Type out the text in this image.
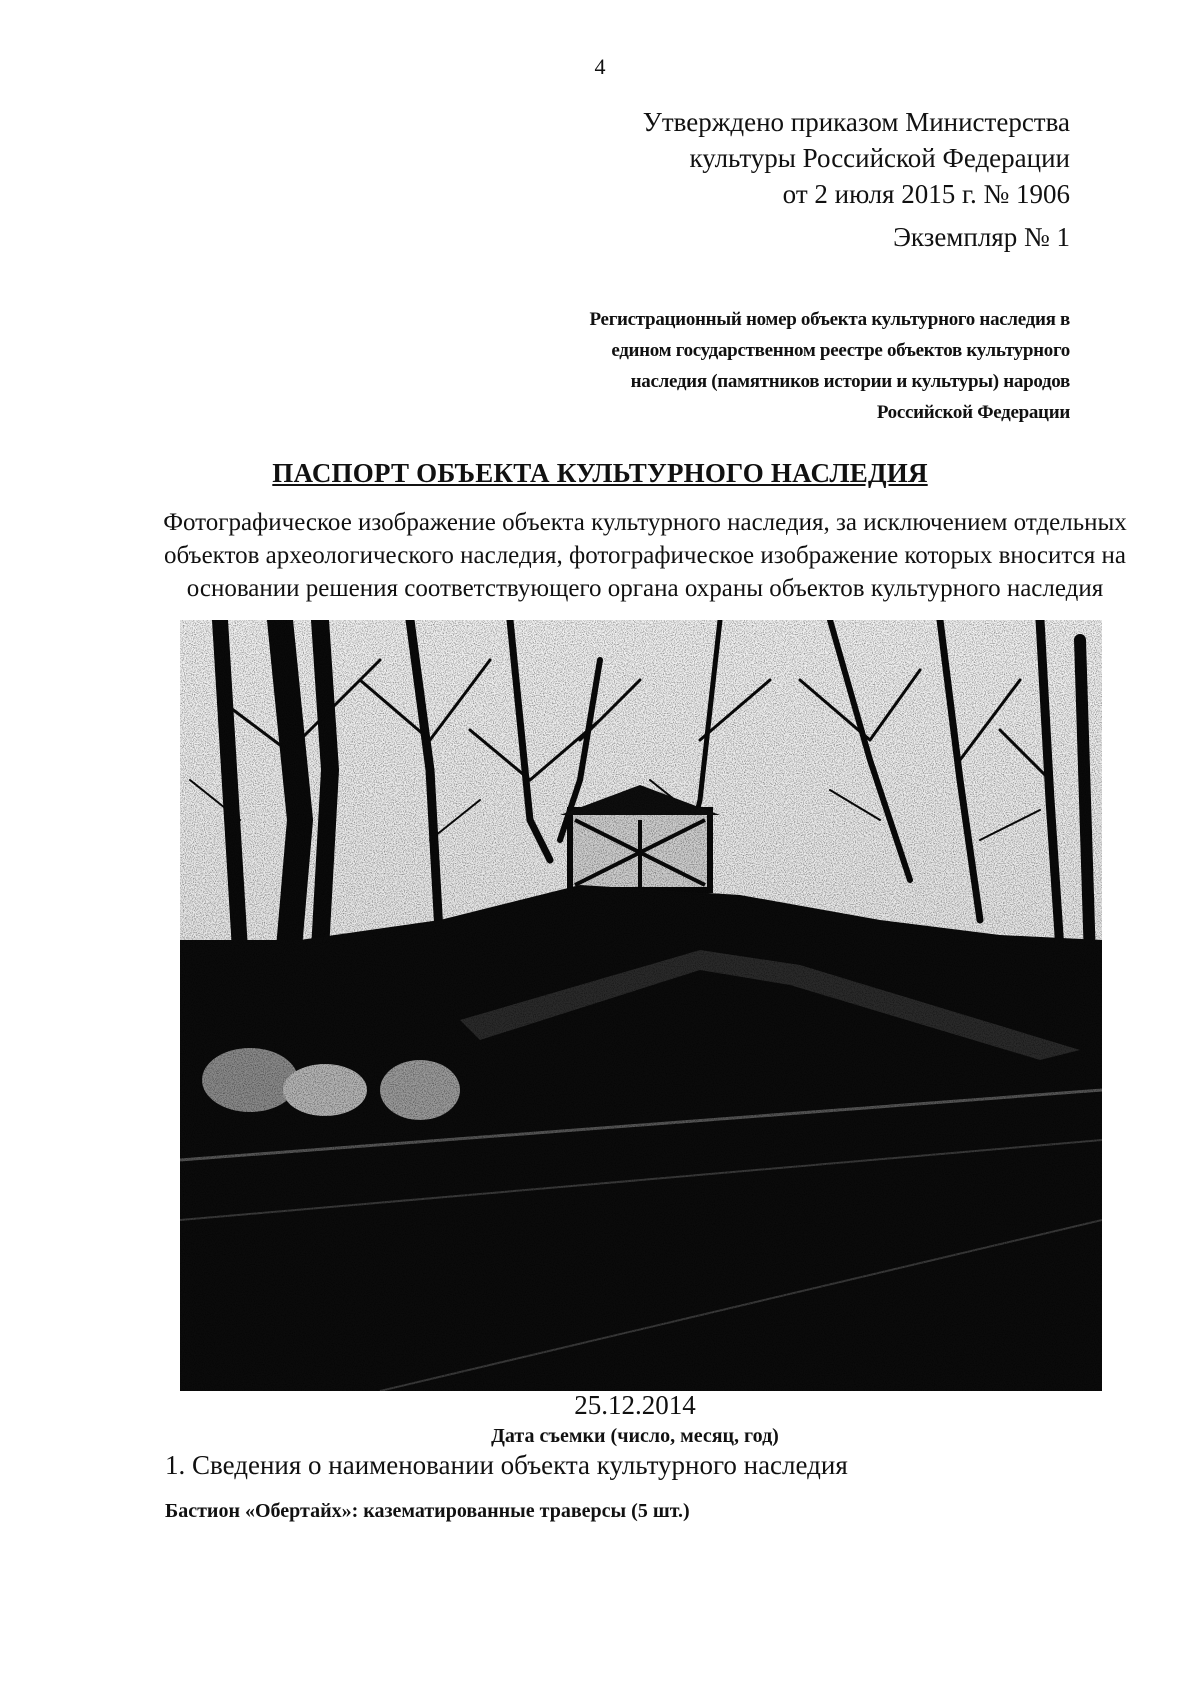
4
Утверждено приказом Министерства
культуры Российской Федерации
от 2 июля 2015 г. № 1906
Экземпляр № 1
Регистрационный номер объекта культурного наследия в
едином государственном реестре объектов культурного
наследия (памятников истории и культуры) народов
Российской Федерации
ПАСПОРТ ОБЪЕКТА КУЛЬТУРНОГО НАСЛЕДИЯ
Фотографическое изображение объекта культурного наследия, за исключением отдельных
объектов археологического наследия, фотографическое изображение которых вносится на
основании решения соответствующего органа охраны объектов культурного наследия
25.12.2014
Дата съемки (число, месяц, год)
1. Сведения о наименовании объекта культурного наследия
Бастион «Обертайх»: казематированные траверсы (5 шт.)
